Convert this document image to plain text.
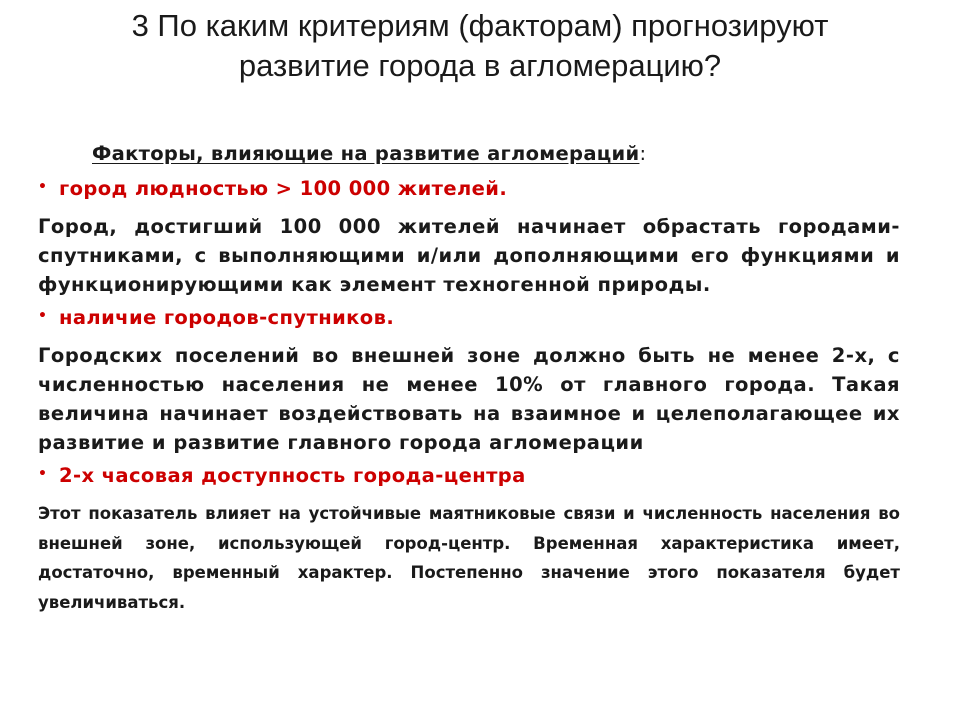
3 По каким критериям (факторам) прогнозируют
развитие города в агломерацию?
Факторы, влияющие на развитие агломераций:
• город людностью > 100 000 жителей.

Город, достигший 100 000 жителей начинает обрастать городами-спутниками, с выполняющими и/или дополняющими его функциями и функционирующими как элемент техногенной природы.

• наличие городов-спутников.

Городских поселений во внешней зоне должно быть не менее 2-х, с численностью населения не менее 10% от главного города. Такая величина начинает воздействовать на взаимное и целеполагающее их развитие и развитие главного города агломерации

• 2-х часовая доступность города-центра

Этот показатель влияет на устойчивые маятниковые связи и численность населения во внешней зоне, использующей город-центр. Временная характеристика имеет, достаточно, временный характер. Постепенно значение этого показателя будет увеличиваться.
